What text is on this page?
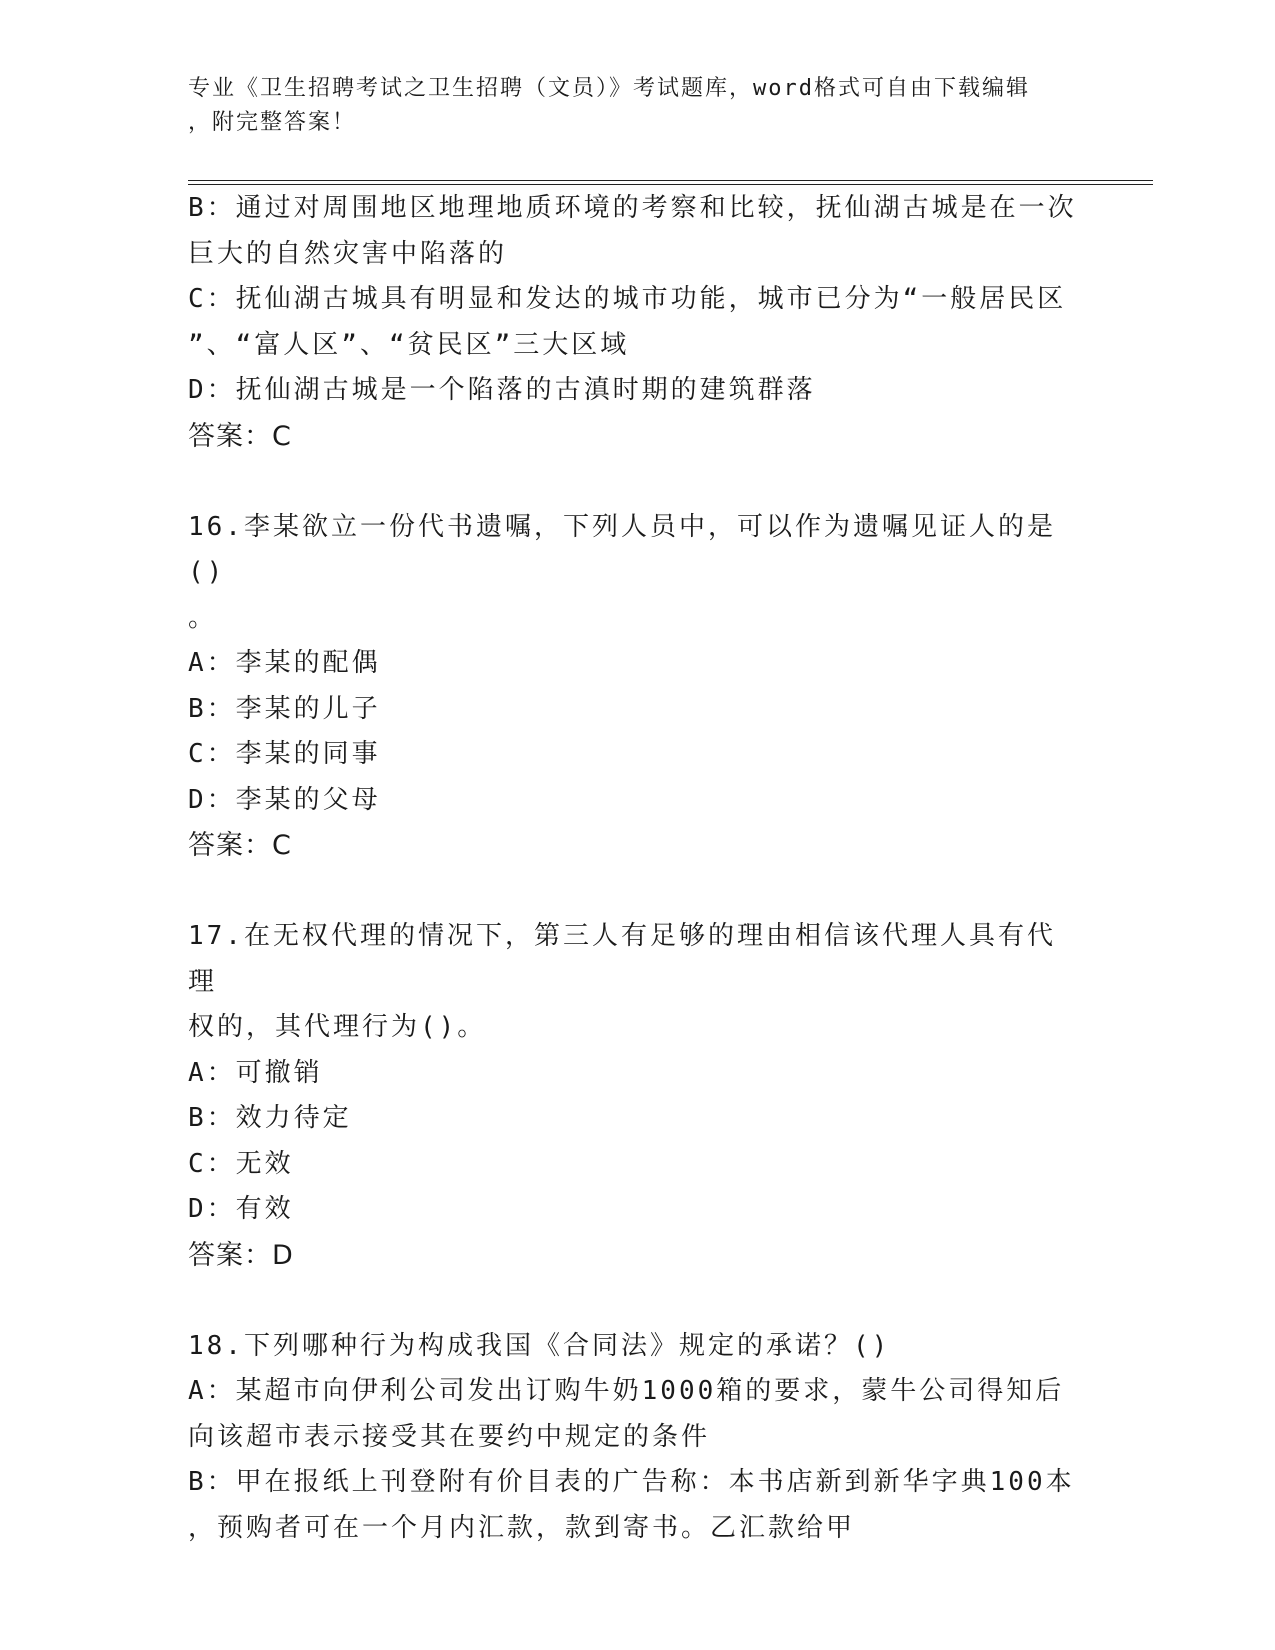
专业《卫生招聘考试之卫生招聘（文员）》考试题库，word格式可自由下载编辑
，附完整答案！
B：通过对周围地区地理地质环境的考察和比较，抚仙湖古城是在一次
巨大的自然灾害中陷落的
C：抚仙湖古城具有明显和发达的城市功能，城市已分为“一般居民区
”、“富人区”、“贫民区”三大区域
D：抚仙湖古城是一个陷落的古滇时期的建筑群落
答案：C
16.李某欲立一份代书遗嘱，下列人员中，可以作为遗嘱见证人的是()
。
A：李某的配偶
B：李某的儿子
C：李某的同事
D：李某的父母
答案：C
17.在无权代理的情况下，第三人有足够的理由相信该代理人具有代理
权的，其代理行为()。
A：可撤销
B：效力待定
C：无效
D：有效
答案：D
18.下列哪种行为构成我国《合同法》规定的承诺？()
A：某超市向伊利公司发出订购牛奶1000箱的要求，蒙牛公司得知后
向该超市表示接受其在要约中规定的条件
B：甲在报纸上刊登附有价目表的广告称：本书店新到新华字典100本
，预购者可在一个月内汇款，款到寄书。乙汇款给甲
